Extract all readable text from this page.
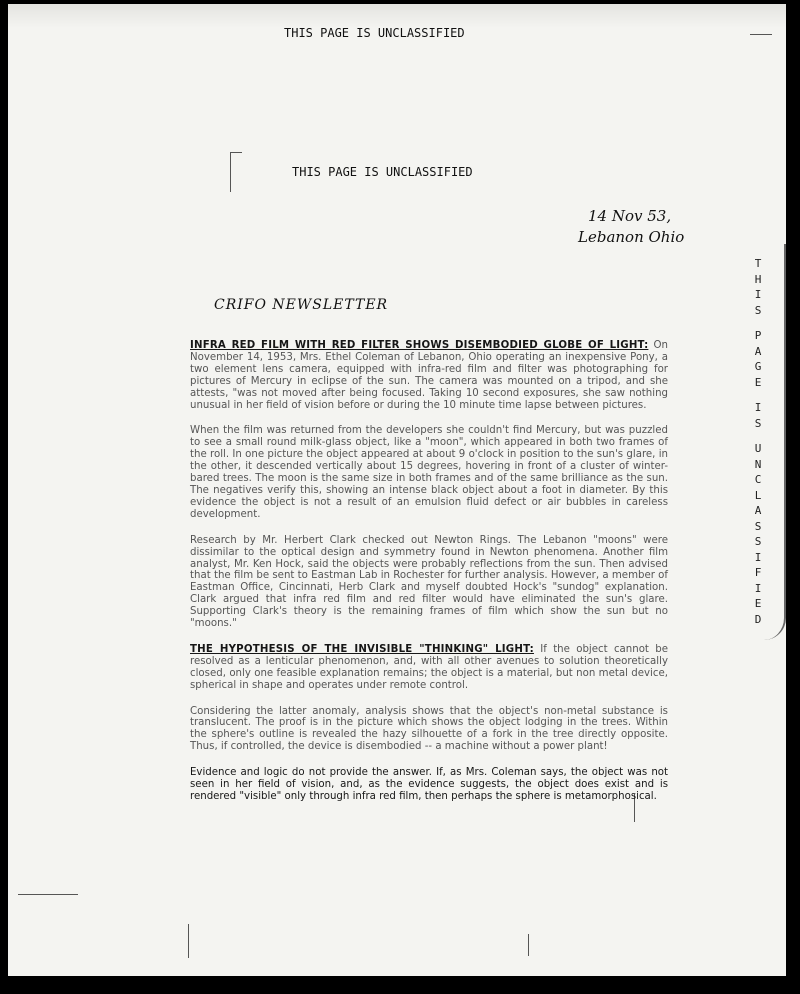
THIS PAGE IS UNCLASSIFIED
THIS PAGE IS UNCLASSIFIED
14 Nov 53,
Lebanon Ohio
CRIFO NEWSLETTER
T
H
I
S
P
A
G
E
I
S
U
N
C
L
A
S
S
I
F
I
E
D

INFRA RED FILM WITH RED FILTER SHOWS DISEMBODIED GLOBE OF LIGHT: On November 14, 1953, Mrs. Ethel Coleman of Lebanon, Ohio operating an inexpensive Pony, a two element lens camera, equipped with infra-red film and filter was photographing for pictures of Mercury in eclipse of the sun. The camera was mounted on a tripod, and she attests, "was not moved after being focused. Taking 10 second exposures, she saw nothing unusual in her field of vision before or during the 10 minute time lapse between pictures.

When the film was returned from the developers she couldn't find Mercury, but was puzzled to see a small round milk-glass object, like a "moon", which appeared in both two frames of the roll. In one picture the object appeared at about 9 o'clock in position to the sun's glare, in the other, it descended vertically about 15 degrees, hovering in front of a cluster of winter-bared trees. The moon is the same size in both frames and of the same brilliance as the sun. The negatives verify this, showing an intense black object about a foot in diameter. By this evidence the object is not a result of an emulsion fluid defect or air bubbles in careless development.

Research by Mr. Herbert Clark checked out Newton Rings. The Lebanon "moons" were dissimilar to the optical design and symmetry found in Newton phenomena. Another film analyst, Mr. Ken Hock, said the objects were probably reflections from the sun. Then advised that the film be sent to Eastman Lab in Rochester for further analysis. However, a member of Eastman Office, Cincinnati, Herb Clark and myself doubted Hock's "sundog" explanation. Clark argued that infra red film and red filter would have eliminated the sun's glare. Supporting Clark's theory is the remaining frames of film which show the sun but no "moons."

THE HYPOTHESIS OF THE INVISIBLE "THINKING" LIGHT: If the object cannot be resolved as a lenticular phenomenon, and, with all other avenues to solution theoretically closed, only one feasible explanation remains; the object is a material, but non metal device, spherical in shape and operates under remote control.

Considering the latter anomaly, analysis shows that the object's non-metal substance is translucent. The proof is in the picture which shows the object lodging in the trees. Within the sphere's outline is revealed the hazy silhouette of a fork in the tree directly opposite. Thus, if controlled, the device is disembodied -- a machine without a power plant!

Evidence and logic do not provide the answer. If, as Mrs. Coleman says, the object was not seen in her field of vision, and, as the evidence suggests, the object does exist and is rendered "visible" only through infra red film, then perhaps the sphere is metamorphosical.
